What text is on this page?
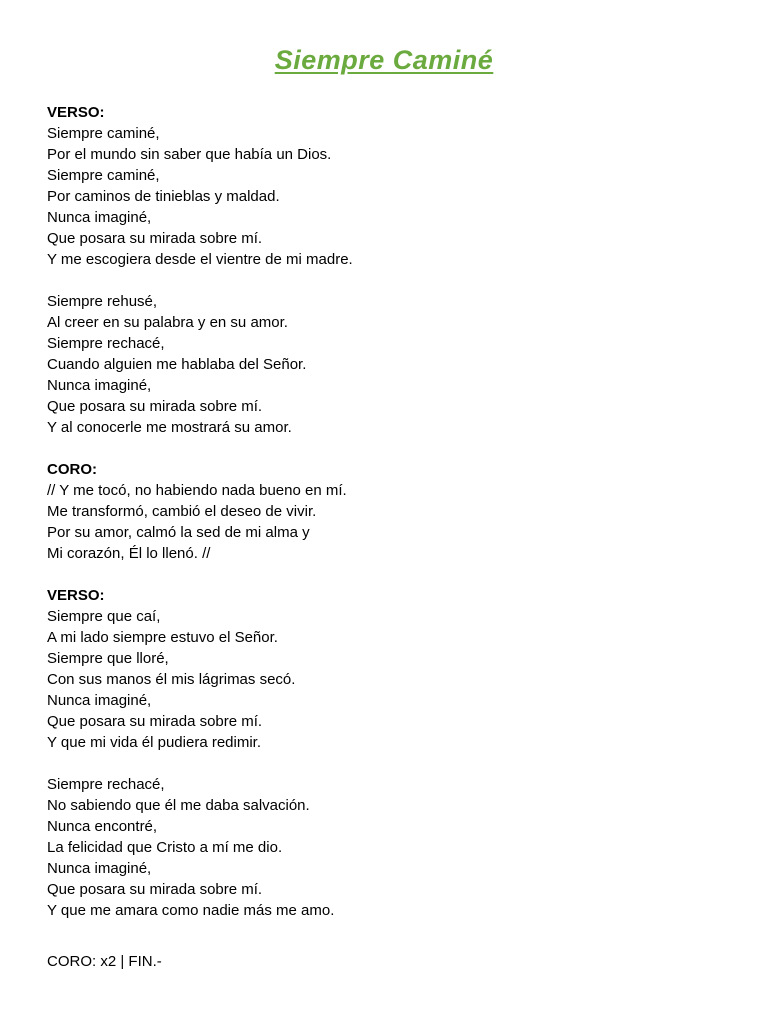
Siempre Caminé
VERSO:
Siempre caminé,
Por el mundo sin saber que había un Dios.
Siempre caminé,
Por caminos de tinieblas y maldad.
Nunca imaginé,
Que posara su mirada sobre mí.
Y me escogiera desde el vientre de mi madre.
Siempre rehusé,
Al creer en su palabra y en su amor.
Siempre rechacé,
Cuando alguien me hablaba del Señor.
Nunca imaginé,
Que posara su mirada sobre mí.
Y al conocerle me mostrará su amor.
CORO:
// Y me tocó, no habiendo nada bueno en mí.
Me transformó, cambió el deseo de vivir.
Por su amor, calmó la sed de mi alma y
Mi corazón, Él lo llenó. //
VERSO:
Siempre que caí,
A mi lado siempre estuvo el Señor.
Siempre que lloré,
Con sus manos él mis lágrimas secó.
Nunca imaginé,
Que posara su mirada sobre mí.
Y que mi vida él pudiera redimir.
Siempre rechacé,
No sabiendo que él me daba salvación.
Nunca encontré,
La felicidad que Cristo a mí me dio.
Nunca imaginé,
Que posara su mirada sobre mí.
Y que me amara como nadie más me amo.
CORO: x2 | FIN.-
